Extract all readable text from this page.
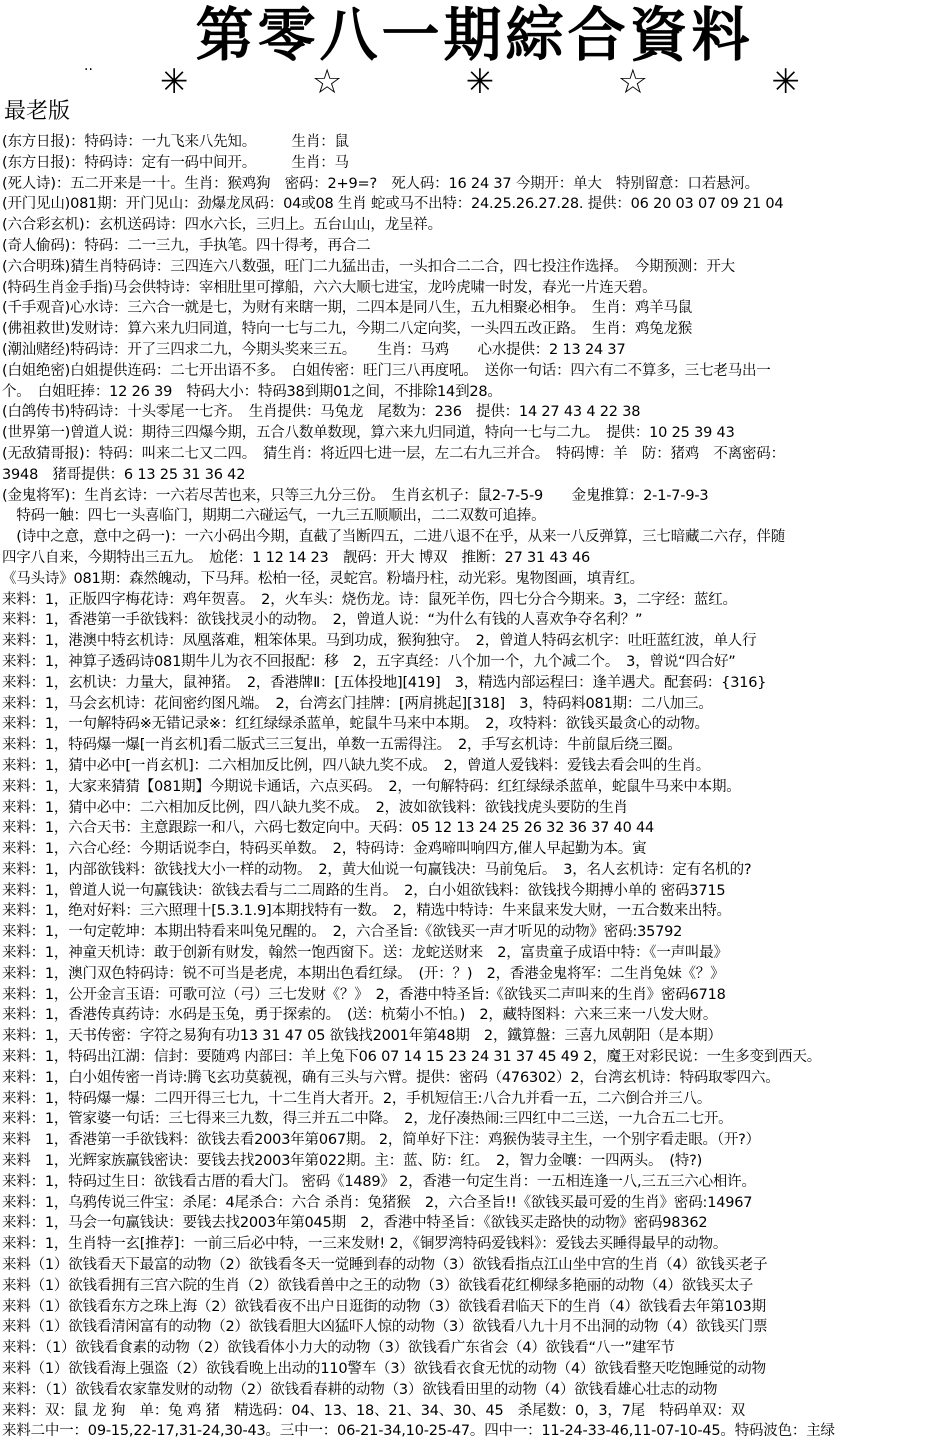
第零八一期綜合資料
.. ✳	☆	✳	☆	✳
最老版
(东方日报)：特码诗：一九飞来八先知。　　　生肖：鼠
(东方日报)：特码诗：定有一码中间开。　　　生肖：马
(死人诗)：五二开来是一十。生肖：猴鸡狗　密码：2+9=?　死人码：16 24 37 今期开：单大　特别留意：口若悬河。
(开门见山)081期：开门见山：劲爆龙凤码：04或08 生肖 蛇或马不出特：24.25.26.27.28. 提供：06 20 03 07 09 21 04
(六合彩玄机)：玄机送码诗：四水六长，三归上。五台山山，龙呈祥。
(奇人偷码)：特码：二一三九，手执笔。四十得考，再合二
(六合明珠)猜生肖特码诗：三四连六八数强，旺门二九猛出击，一头扣合二二合，四七投注作选择。　今期预测：开大
(特码生肖金手指)马会供特诗：宰相肚里可撑船，六六大顺七进宝，龙吟虎啸一时发，春光一片连天碧。
(千手观音)心水诗：三六合一就是七，为财有来瞎一期，二四本是同八生，五九相聚必相争。　生肖：鸡羊马鼠
(佛祖救世)发财诗：算六来九归同道，特向一七与二九，今期二八定向奖，一头四五改正路。　生肖：鸡兔龙猴
(潮汕赌经)特码诗：开了三四求二九，今期头奖来三五。　　生肖：马鸡　　心水提供：2 13 24 37
(白姐绝密)白姐提供连码：二七开出语不多。　白姐传密：旺门三八再度吼。　送你一句话：四六有二不算多，三七老马出一
个。　白姐旺捧：12 26 39　特码大小：特码38到期01之间，不排除14到28。
(白鸽传书)特码诗：十头零尾一七齐。　生肖提供：马兔龙　尾数为：236　提供：14 27 43 4 22 38
(世界第一)曾道人说：期待三四爆今期，五合八数单数现，算六来九归同道，特向一七与二九。　提供：10 25 39 43
(无敌猜哥报)：特码：叫来二七又二四。　猜生肖：将近四七进一层，左二右九三并合。　特码博：羊　防：猪鸡　不离密码：
3948　猪哥提供：6 13 25 31 36 42
(金鬼将军)：生肖玄诗：一六若尽苦也来，只等三九分三份。　生肖玄机子：鼠2-7-5-9　　金鬼推算：2-1-7-9-3
　特码一触：四七一头喜临门，期期二六碰运气，一九三五顺顺出，二二双数可追捧。
　(诗中之意，意中之码一)：一六小码出今期，直截了当断四五，二进八退不在乎，从来一八反弹算，三七暗藏二六存，伴随
四字八自来，今期特出三五九。　尬佬：1 12 14 23　靓码：开大 博双　推断：27 31 43 46
《马头诗》081期：森然魄动，下马拜。松柏一径，灵蛇宫。粉墙丹柱，动光彩。鬼物图画，填青红。
来料：1，正版四字梅花诗：鸡年贺喜。　2，火车头：烧伤龙。诗：鼠死羊伤，四七分合今期来。3，二字经：蓝红。
来料：1，香港第一手欲钱料：欲钱找灵小的动物。　2，曾道人说：“为什么有钱的人喜欢争夺名利？”
来料：1，港澳中特玄机诗：凤凰落难，粗笨体果。马到功成，猴狗独守。　2，曾道人特码玄机字：吐旺蓝红波，单人行
来料：1，神算子透码诗081期牛儿为衣不回报配：移　2，五字真经：八个加一个，九个减二个。　3，曾说“四合好”
来料：1，玄机诀：力量大，鼠神猪。　2，香港牌Ⅱ：[五体投地][419]　3，精选内部运程曰：逢羊遇犬。配套码：{316}
来料：1，马会玄机诗：花间密约图凡端。　2，台湾玄门挂牌：[两肩挑起][318]　3，特码料081期：二八加三。
来料：1，一句解特码※无错记录※：红红绿绿杀蓝单，蛇鼠牛马来中本期。　2，攻特料：欲钱买最贪心的动物。
来料：1，特码爆一爆[一肖玄机]看二版式三三复出，单数一五需得注。　2，手写玄机诗：牛前鼠后绕三圈。
来料：1，猜中必中[一肖玄机]：二六相加反比例，四八缺九奖不成。　2，曾道人爱钱料：爱钱去看会叫的生肖。
来料：1，大家来猜猜【081期】今期说卡通话，六点买码。　2，一句解特码：红红绿绿杀蓝单，蛇鼠牛马来中本期。
来料：1，猜中必中：二六相加反比例，四八缺九奖不成。　2，波如欲钱料：欲钱找虎头要防的生肖
来料：1，六合天书：主意跟踪一和八，六码七数定向中。天码：05 12 13 24 25 26 32 36 37 40 44
来料：1，六合心经：今期话说李白，特码买单数。　2，特码诗：金鸡啼叫响四方,催人早起勤为本。寅
来料：1，内部欲钱料：欲钱找大小一样的动物。　2，黄大仙说一句赢钱决：马前兔后。　3，名人玄机诗：定有名机的?
来料：1，曾道人说一句赢钱诀：欲钱去看与二二周路的生肖。　2，白小姐欲钱料：欲钱找今期搏小单的 密码3715
来料：1，绝对好料：三六照理十[5.3.1.9]本期找特有一数。　2，精选中特诗：牛来鼠来发大财，一五合数来出特。
来料：1，一句定乾坤：本期出特看来叫兔兄醒的。　2，六合圣旨:《欲钱买一声才听见的动物》密码:35792
来料：1，神童天机诗：敢于创新有财发，翰然一饱西窗下。送：龙蛇送财来　2，富贵童子成语中特：《一声叫最》
来料：1，澳门双色特码诗：锐不可当是老虎，本期出色看红绿。　(开：？)　2，香港金鬼将军：二生肖兔妹《？》
来料：1，公开金言玉语：可歌可泣（弓）三七发财《？》　2，香港中特圣旨:《欲钱买二声叫来的生肖》密码6718
来料：1，香港传真药诗：水码是玉兔，勇于探索的。　(送：杭菊小不怕。)　2，藏特图料：六来三来一八发大财。
来料：1，天书传密：字符之易狗有功13 31 47 05 欲钱找2001年第48期　2，鐵算盤：三喜九凤朝阳（是本期）
来料：1，特码出江湖：信封：要随鸡 内部曰：羊上兔下06 07 14 15 23 24 31 37 45 49 2，魔王对彩民说：一生多变到西天。
来料：1，白小姐传密一肖诗:腾飞玄功莫藐视，确有三头与六臂。提供：密码（476302）2，台湾玄机诗：特码取零四六。
来料：1，特码爆一爆：二四开得三七九，十二生肖大者开。2，手机短信王:八合九并看一五，二六倒合并三八。
来料：1，管家婆一句话：三七得来三九数，得三并五二中降。　2，龙仔凑热闹:三四红中二三送，一九合五二七开。
来料　1，香港第一手欲钱料：欲钱去看2003年第067期。 2，简单好下注：鸡猴伪装寻主生，一个别字看走眼。（开?）
来料　1，光辉家族赢钱密诀：要钱去找2003年第022期。主：蓝、防：红。　2，智力金嚷：一四两头。　(特?)
来料：1，特码过生日：欲钱看古厝的看大门。 密码《1489》 2，香港一句定生肖：一五相连逢一八,三五三六心相许。
来料：1，乌鸦传说三件宝：杀尾：4尾杀合：六合 杀肖：兔猪猴　2，六合圣旨!!《欲钱买最可爱的生肖》密码:14967
来料：1，马会一句赢钱诀：要钱去找2003年第045期　2，香港中特圣旨：《欲钱买走路快的动物》密码98362
来料：1，生肖特一玄[推荐]：一前三后必中特，一三来发财! 2，《铜罗湾特码爱钱料》：爱钱去买睡得最早的动物。
来料（1）欲钱看天下最富的动物（2）欲钱看冬天一觉睡到春的动物（3）欲钱看指点江山坐中宫的生肖（4）欲钱买老子
来料（1）欲钱看拥有三宫六院的生肖（2）欲钱看兽中之王的动物（3）欲钱看花红柳绿多艳丽的动物（4）欲钱买太子
来料（1）欲钱看东方之珠上海（2）欲钱看夜不出户日逛街的动物（3）欲钱看君临天下的生肖（4）欲钱看去年第103期
来料（1）欲钱看清闲富有的动物（2）欲钱看胆大凶猛吓人惊的动物（3）欲钱看八九十月不出洞的动物（4）欲钱买门票
来料：（1）欲钱看食素的动物（2）欲钱看体小力大的动物（3）欲钱看广东省会（4）欲钱看“八一”建军节
来料（1）欲钱看海上强盗（2）欲钱看晚上出动的110警车（3）欲钱看衣食无忧的动物（4）欲钱看整天吃饱睡觉的动物
来料：（1）欲钱看农家靠发财的动物（2）欲钱看春耕的动物（3）欲钱看田里的动物（4）欲钱看雄心壮志的动物
来料：双：鼠 龙 狗　单：兔 鸡 猪　精选码：04、13、18、21、34、30、45　杀尾数：0，3，7尾　特码单双：双
来料二中一：09-15,22-17,31-24,30-43。三中一：06-21-34,10-25-47。四中一：11-24-33-46,11-07-10-45。特码波色：主绿
